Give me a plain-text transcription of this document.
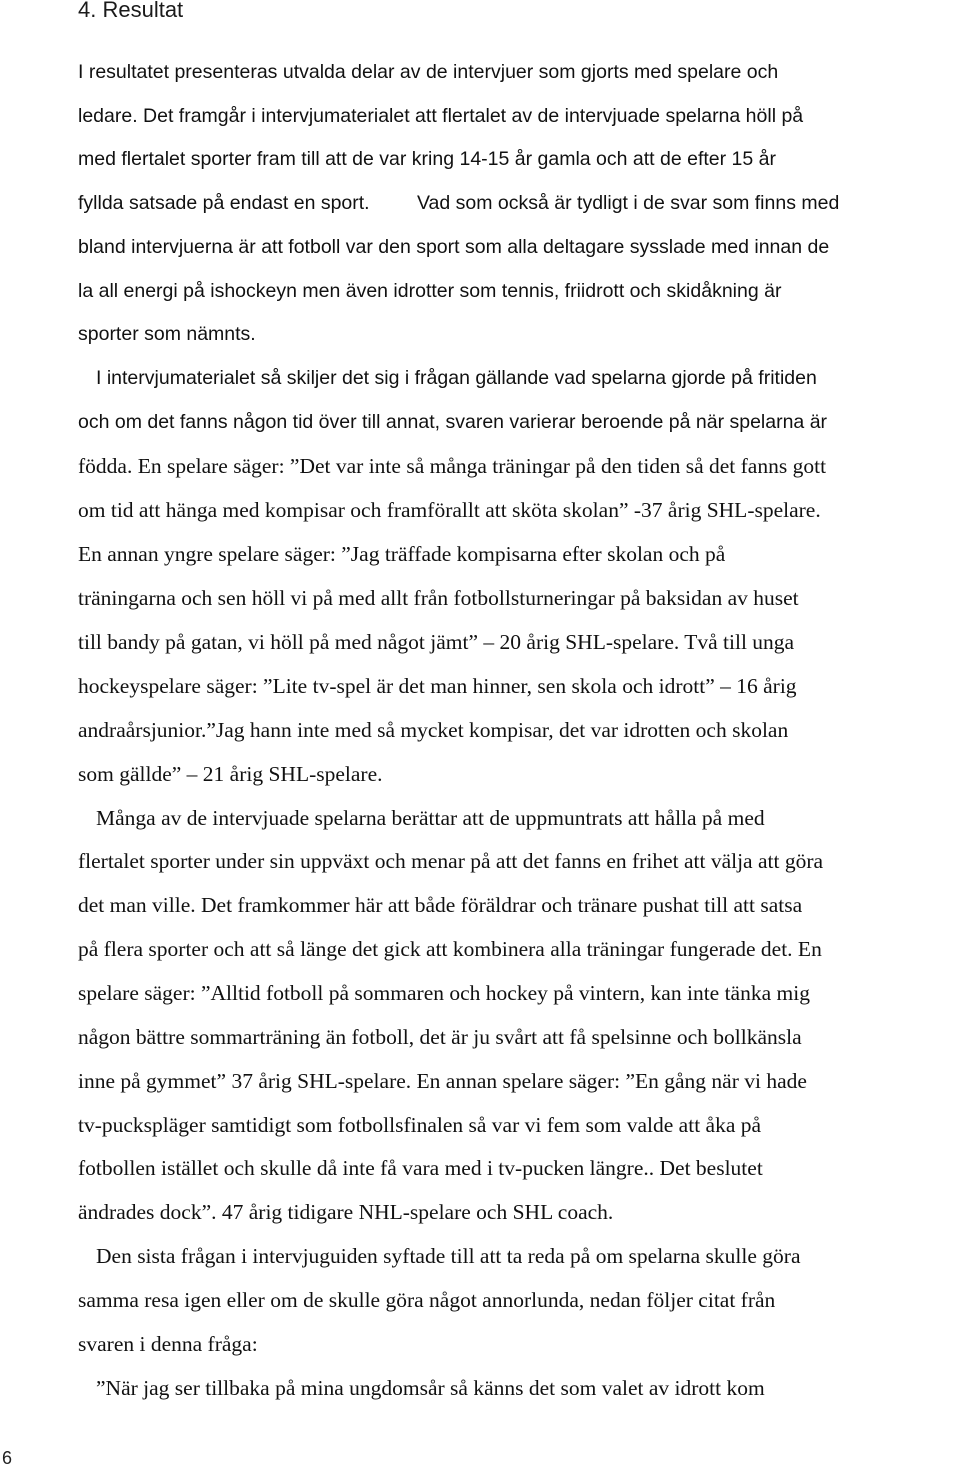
4. Resultat

I resultatet presenteras utvalda delar av de intervjuer som gjorts med spelare och

ledare. Det framgår i intervjumaterialet att flertalet av de intervjuade spelarna höll på

med flertalet sporter fram till att de var kring 14-15 år gamla och att de efter 15 år

fyllda satsade på endast en sport. Vad som också är tydligt i de svar som finns med

bland intervjuerna är att fotboll var den sport som alla deltagare sysslade med innan de

la all energi på ishockeyn men även idrotter som tennis, friidrott och skidåkning är

sporter som nämnts.

I intervjumaterialet så skiljer det sig i frågan gällande vad spelarna gjorde på fritiden

och om det fanns någon tid över till annat, svaren varierar beroende på när spelarna är

födda. En spelare säger: ”Det var inte så många träningar på den tiden så det fanns gott

om tid att hänga med kompisar och framförallt att sköta skolan” -37 årig SHL-spelare.

En annan yngre spelare säger: ”Jag träffade kompisarna efter skolan och på

träningarna och sen höll vi på med allt från fotbollsturneringar på baksidan av huset

till bandy på gatan, vi höll på med något jämt” – 20 årig SHL-spelare. Två till unga

hockeyspelare säger: ”Lite tv-spel är det man hinner, sen skola och idrott” – 16 årig

andraårsjunior.”Jag hann inte med så mycket kompisar, det var idrotten och skolan

som gällde” – 21 årig SHL-spelare.

Många av de intervjuade spelarna berättar att de uppmuntrats att hålla på med

flertalet sporter under sin uppväxt och menar på att det fanns en frihet att välja att göra

det man ville. Det framkommer här att både föräldrar och tränare pushat till att satsa

på flera sporter och att så länge det gick att kombinera alla träningar fungerade det. En

spelare säger: ”Alltid fotboll på sommaren och hockey på vintern, kan inte tänka mig

någon bättre sommarträning än fotboll, det är ju svårt att få spelsinne och bollkänsla

inne på gymmet” 37 årig SHL-spelare. En annan spelare säger: ”En gång när vi hade

tv-puckspläger samtidigt som fotbollsfinalen så var vi fem som valde att åka på

fotbollen istället och skulle då inte få vara med i tv-pucken längre.. Det beslutet

ändrades dock”. 47 årig tidigare NHL-spelare och SHL coach.

Den sista frågan i intervjuguiden syftade till att ta reda på om spelarna skulle göra

samma resa igen eller om de skulle göra något annorlunda, nedan följer citat från

svaren i denna fråga:

”När jag ser tillbaka på mina ungdomsår så känns det som valet av idrott kom

6
